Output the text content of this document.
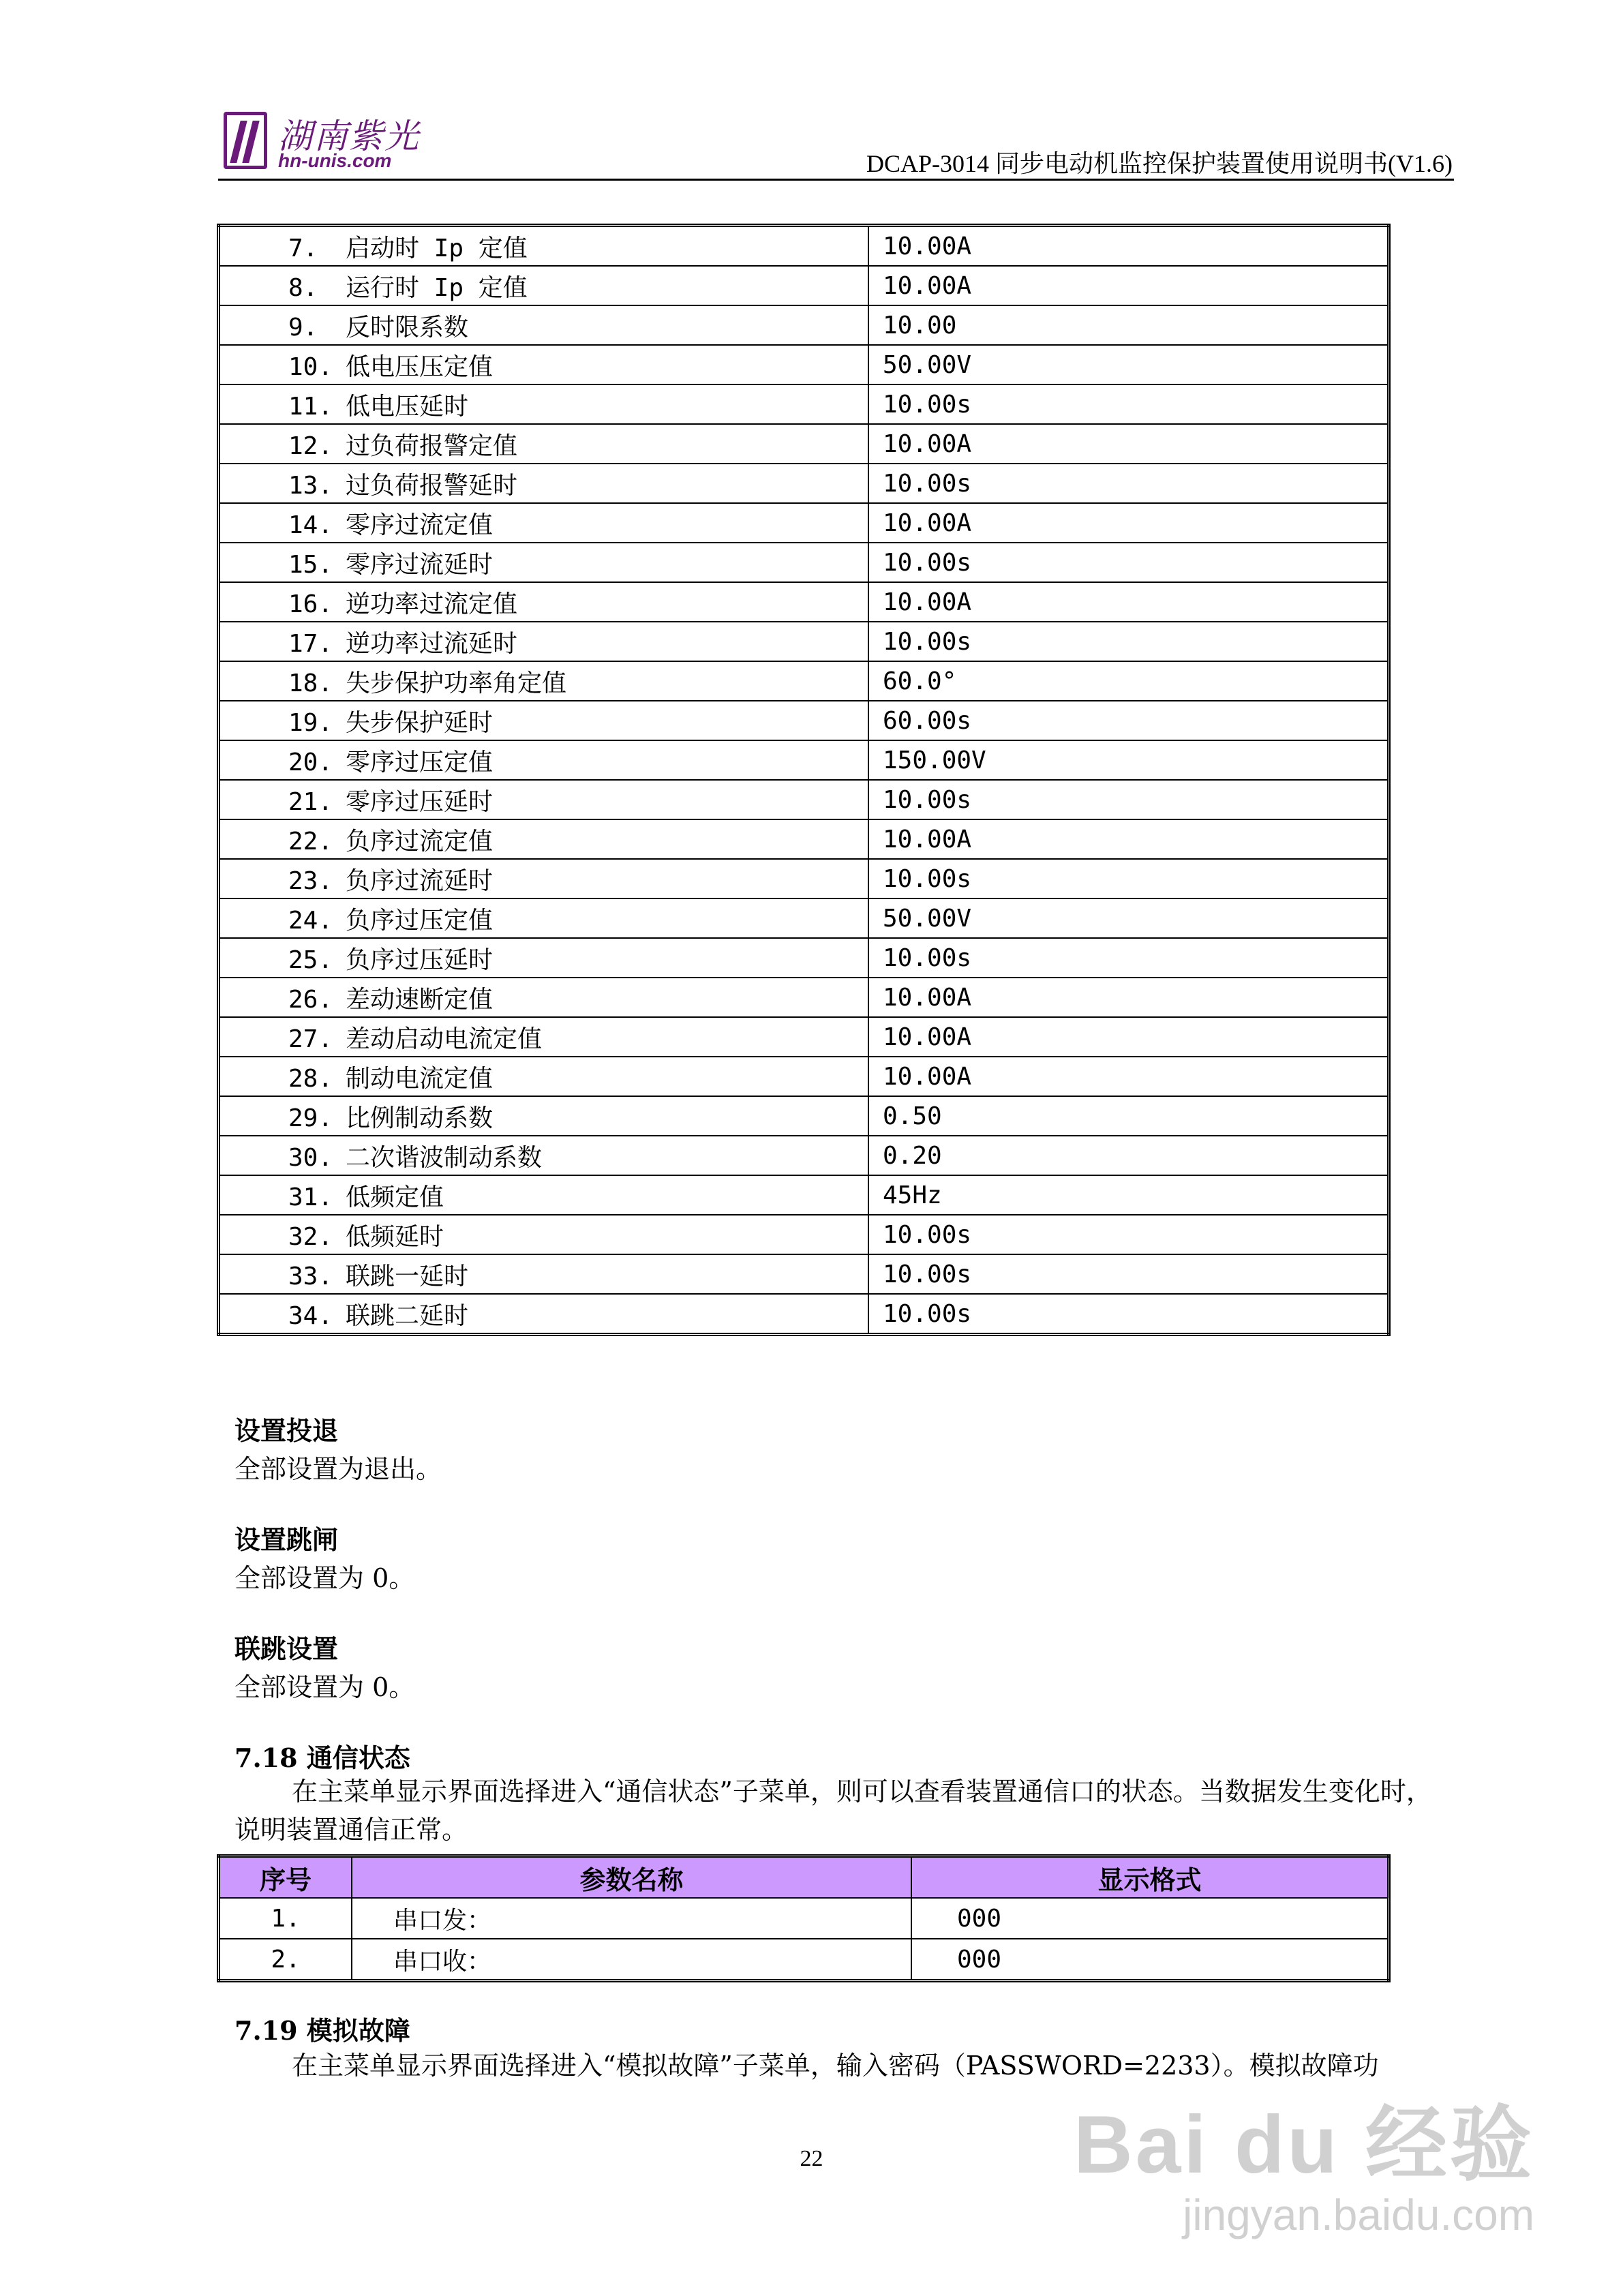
湖南紫光
hn-unis.com	DCAP-3014 同步电动机监控保护装置使用说明书(V1.6)
7. 启动时 Ip 定值	10.00A
8. 运行时 Ip 定值	10.00A
9. 反时限系数	10.00
10. 低电压压定值	50.00V
11. 低电压延时	10.00s
12. 过负荷报警定值	10.00A
13. 过负荷报警延时	10.00s
14. 零序过流定值	10.00A
15. 零序过流延时	10.00s
16. 逆功率过流定值	10.00A
17. 逆功率过流延时	10.00s
18. 失步保护功率角定值	60.0°
19. 失步保护延时	60.00s
20. 零序过压定值	150.00V
21. 零序过压延时	10.00s
22. 负序过流定值	10.00A
23. 负序过流延时	10.00s
24. 负序过压定值	50.00V
25. 负序过压延时	10.00s
26. 差动速断定值	10.00A
27. 差动启动电流定值	10.00A
28. 制动电流定值	10.00A
29. 比例制动系数	0.50
30. 二次谐波制动系数	0.20
31. 低频定值	45Hz
32. 低频延时	10.00s
33. 联跳一延时	10.00s
34. 联跳二延时	10.00s
设置投退
全部设置为退出。
设置跳闸
全部设置为 0。
联跳设置
全部设置为 0。
7.18 通信状态
在主菜单显示界面选择进入“通信状态”子菜单，则可以查看装置通信口的状态。当数据发生变化时，说明装置通信正常。
序号	参数名称	显示格式
1.	串口发：	000
2.	串口收：	000
7.19 模拟故障
在主菜单显示界面选择进入“模拟故障”子菜单，输入密码（PASSWORD=2233）。模拟故障功
22	Bai du 经验
jingyan.baidu.com
